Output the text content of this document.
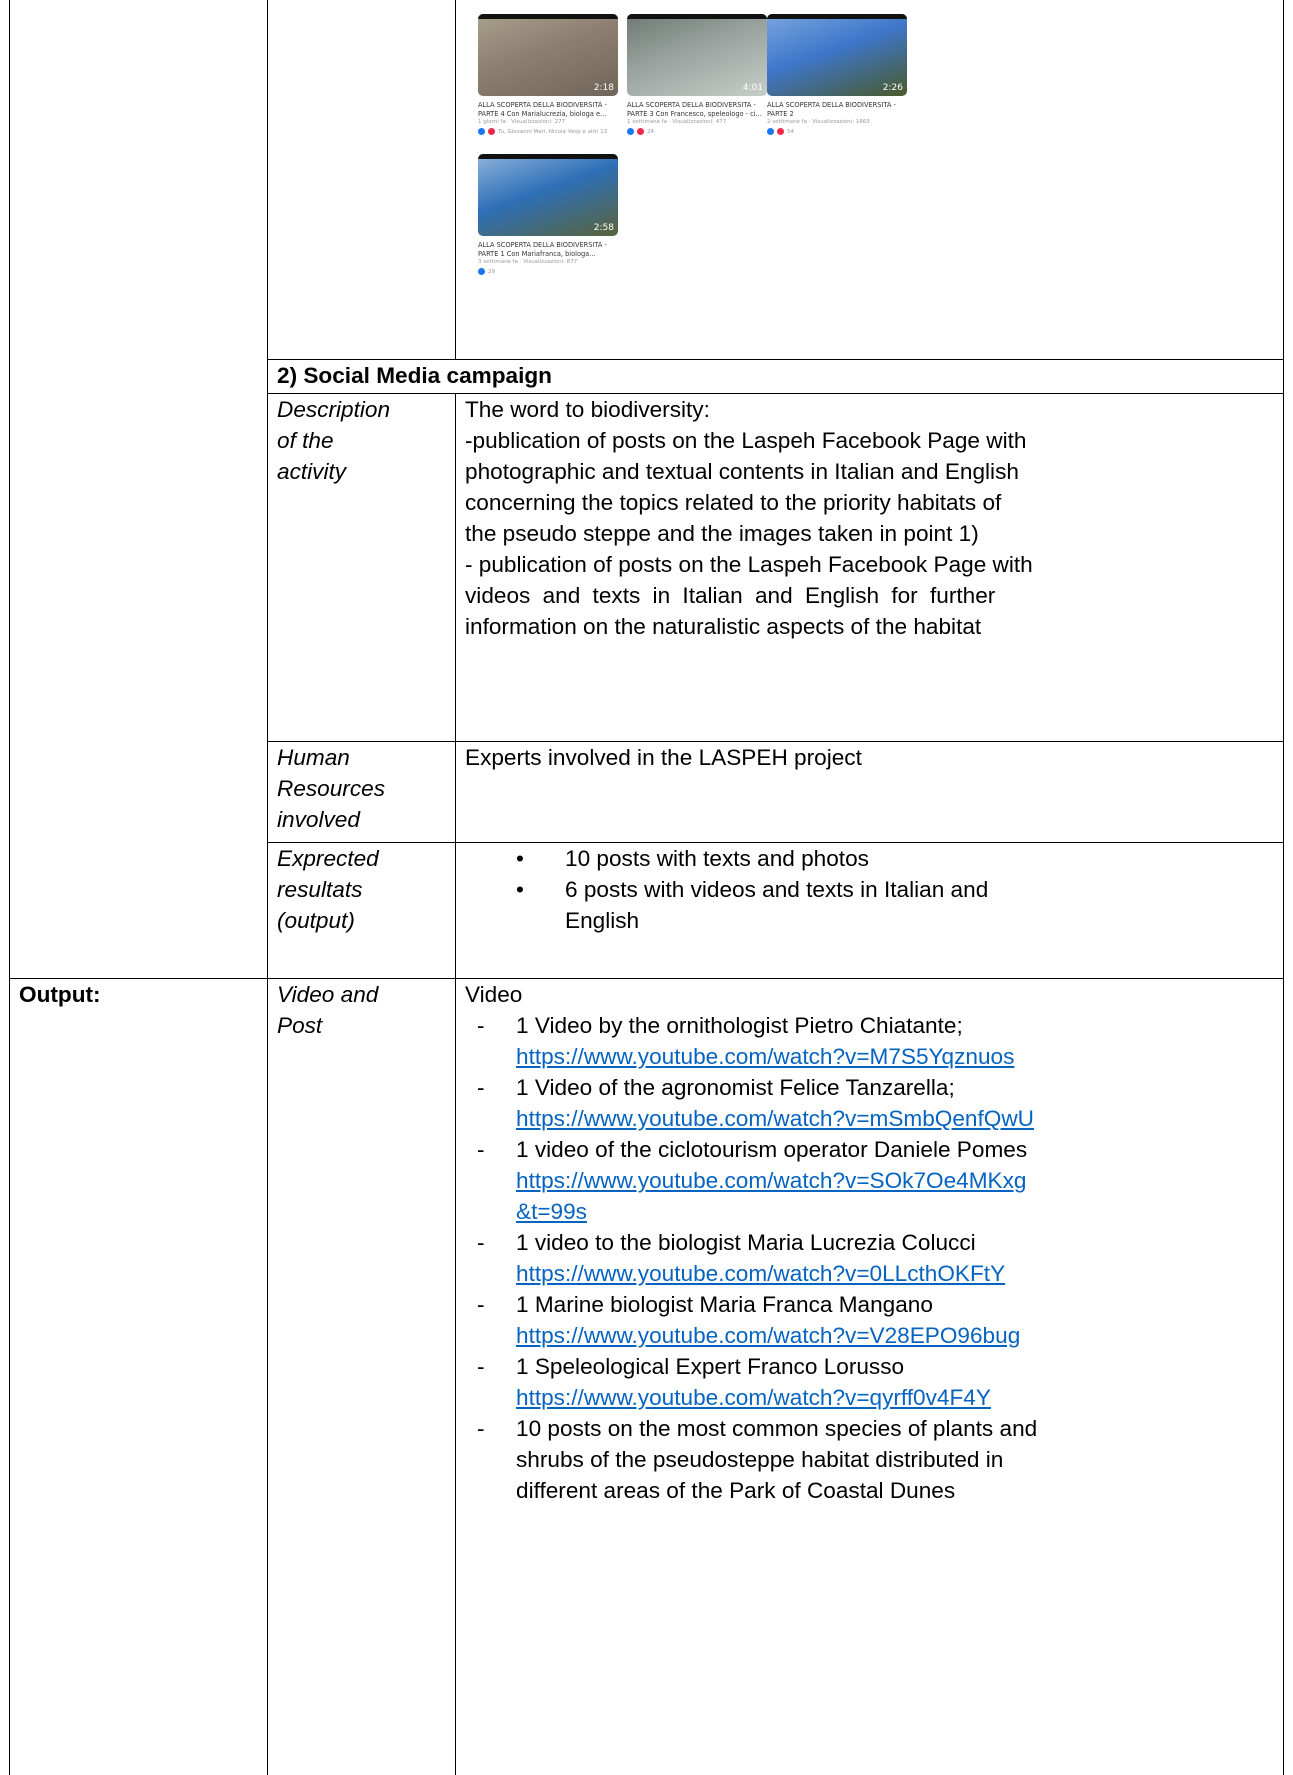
2:18
ALLA SCOPERTA DELLA BIODIVERSITÀ -
PARTE 4 Con Marialucrezia, biologa e...
1 giorni fa · Visualizzazioni: 277
Tu, Giovanni Mari, Nicola Vesp e altri 13
4:01
ALLA SCOPERTA DELLA BIODIVERSITÀ -
PARTE 3 Con Francesco, speleologo - ci...
1 settimana fa · Visualizzazioni: 477
24
2:26
ALLA SCOPERTA DELLA BIODIVERSITÀ -
PARTE 2
2 settimane fa · Visualizzazioni: 1663
54
2:58
ALLA SCOPERTA DELLA BIODIVERSITÀ -
PARTE 1 Con Mariafranca, biologa...
3 settimane fa · Visualizzazioni: 877
29
2) Social Media campaign
Description
of the
activity
The word to biodiversity:
-publication of posts on the Laspeh Facebook Page with
photographic and textual contents in Italian and English
concerning the topics related to the priority habitats of
the pseudo steppe and the images taken in point 1)
- publication of posts on the Laspeh Facebook Page with
videos and texts in Italian and English for further
information on the naturalistic aspects of the habitat
Human
Resources
involved
Experts involved in the LASPEH project
Exprected
resultats
(output)
• 10 posts with texts and photos
• 6 posts with videos and texts in Italian and
English
Output:	Video and
Post
Video
- 1 Video by the ornithologist Pietro Chiatante;
https://www.youtube.com/watch?v=M7S5Yqznuos
- 1 Video of the agronomist Felice Tanzarella;
https://www.youtube.com/watch?v=mSmbQenfQwU
- 1 video of the ciclotourism operator Daniele Pomes
https://www.youtube.com/watch?v=SOk7Oe4MKxg
&t=99s
- 1 video to the biologist Maria Lucrezia Colucci
https://www.youtube.com/watch?v=0LLcthOKFtY
- 1 Marine biologist Maria Franca Mangano
https://www.youtube.com/watch?v=V28EPO96bug
- 1 Speleological Expert Franco Lorusso
https://www.youtube.com/watch?v=qyrff0v4F4Y
- 10 posts on the most common species of plants and
shrubs of the pseudosteppe habitat distributed in
different areas of the Park of Coastal Dunes
